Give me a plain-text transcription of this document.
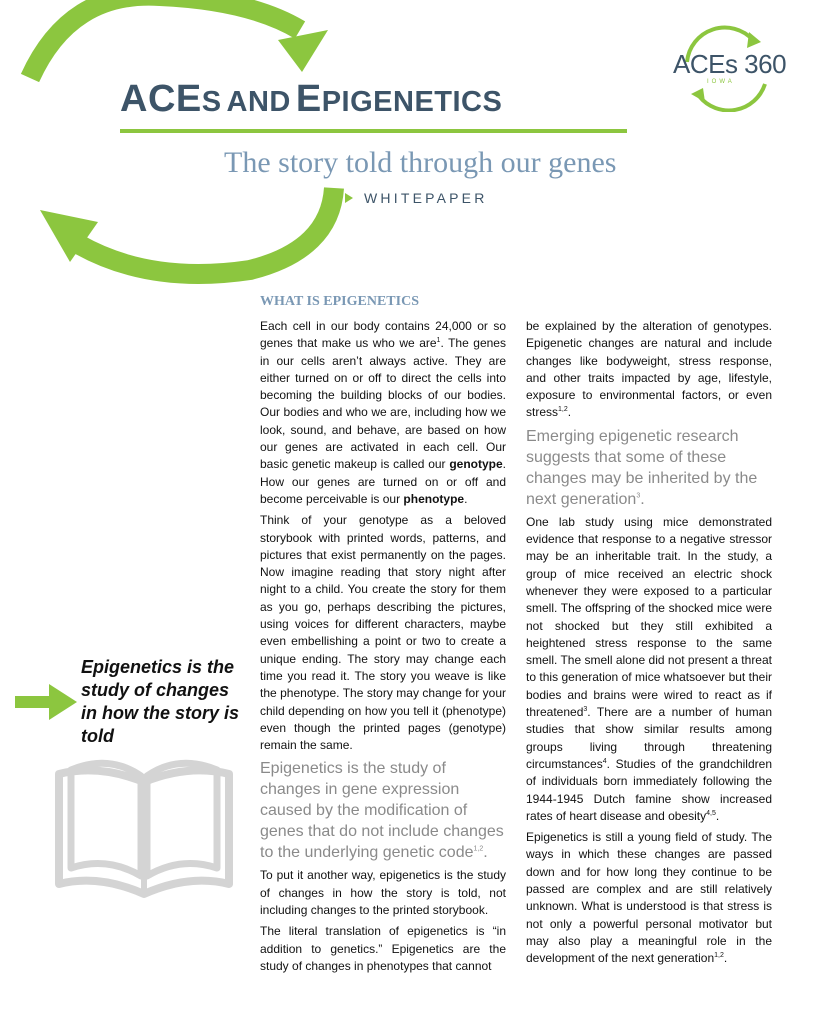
ACEs 360
IOWA
ACES AND EPIGENETICS
The story told through our genes
WHITEPAPER
WHAT IS EPIGENETICS

Each cell in our body contains 24,000 or so genes that make us who we are$^1$. The genes in our cells aren’t always active. They are either turned on or off to direct the cells into becoming the building blocks of our bodies. Our bodies and who we are, including how we look, sound, and behave, are based on how our genes are activated in each cell. Our basic genetic makeup is called our genotype. How our genes are turned on or off and become perceivable is our phenotype.

Think of your genotype as a beloved storybook with printed words, patterns, and pictures that exist permanently on the pages. Now imagine reading that story night after night to a child. You create the story for them as you go, perhaps describing the pictures, using voices for different characters, maybe even embellishing a point or two to create a unique ending. The story may change each time you read it. The story you weave is like the phenotype. The story may change for your child depending on how you tell it (phenotype) even though the printed pages (genotype) remain the same.

Epigenetics is the study of changes in gene expression caused by the modification of genes that do not include changes to the underlying genetic code$^{1,2}$.

To put it another way, epigenetics is the study of changes in how the story is told, not including changes to the printed storybook.

The literal translation of epigenetics is “in addition to genetics.” Epigenetics are the study of changes in phenotypes that cannot

be explained by the alteration of genotypes. Epigenetic changes are natural and include changes like bodyweight, stress response, and other traits impacted by age, lifestyle, exposure to environmental factors, or even stress$^{1,2}$.

Emerging epigenetic research suggests that some of these changes may be inherited by the next generation$^3$.

One lab study using mice demonstrated evidence that response to a negative stressor may be an inheritable trait. In the study, a group of mice received an electric shock whenever they were exposed to a particular smell. The offspring of the shocked mice were not shocked but they still exhibited a heightened stress response to the same smell. The smell alone did not present a threat to this generation of mice whatsoever but their bodies and brains were wired to react as if threatened$^3$. There are a number of human studies that show similar results among groups living through threatening circumstances$^4$. Studies of the grandchildren of individuals born immediately following the 1944-1945 Dutch famine show increased rates of heart disease and obesity$^{4,5}$.

Epigenetics is still a young field of study. The ways in which these changes are passed down and for how long they continue to be passed are complex and are still relatively unknown. What is understood is that stress is not only a powerful personal motivator but may also play a meaningful role in the development of the next generation$^{1,2}$.

Epigenetics is the study of changes in how the story is told
